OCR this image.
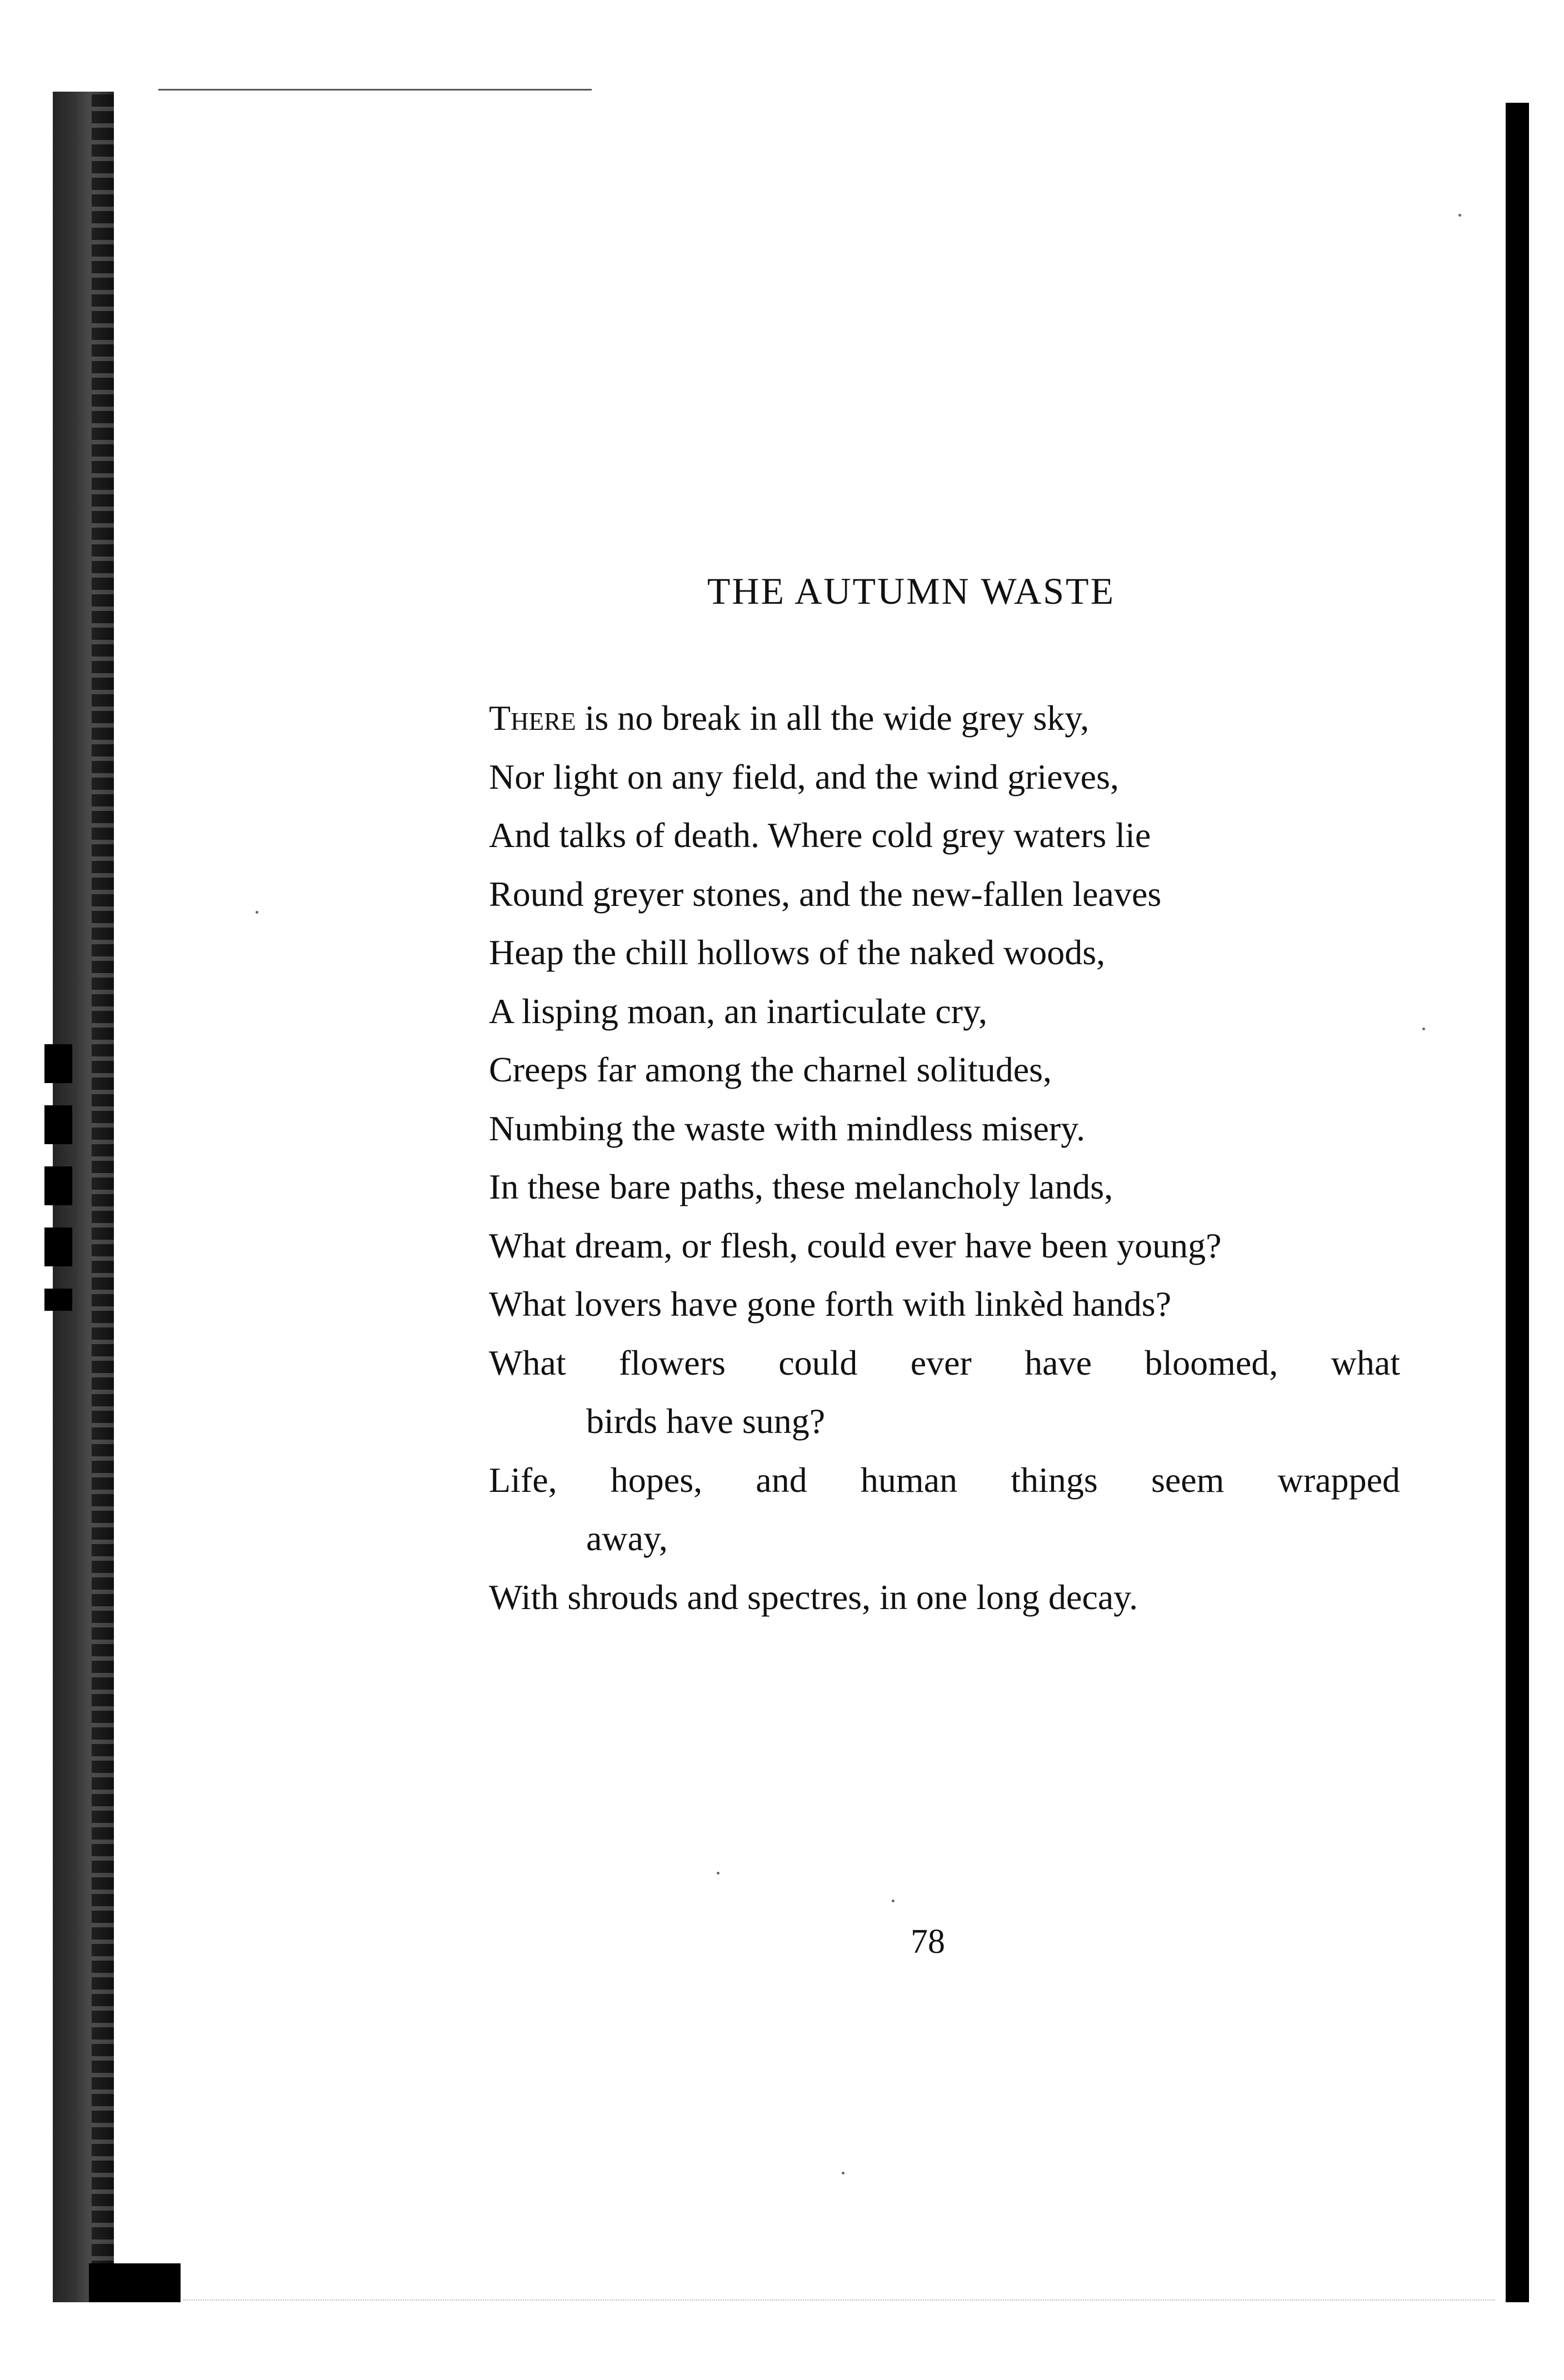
THE AUTUMN WASTE
There is no break in all the wide grey sky,
Nor light on any field, and the wind grieves,
And talks of death. Where cold grey waters lie
Round greyer stones, and the new-fallen leaves
Heap the chill hollows of the naked woods,
A lisping moan, an inarticulate cry,
Creeps far among the charnel solitudes,
Numbing the waste with mindless misery.
In these bare paths, these melancholy lands,
What dream, or flesh, could ever have been young?
What lovers have gone forth with linkèd hands?
What flowers could ever have bloomed, what
birds have sung?
Life, hopes, and human things seem wrapped
away,
With shrouds and spectres, in one long decay.
78
